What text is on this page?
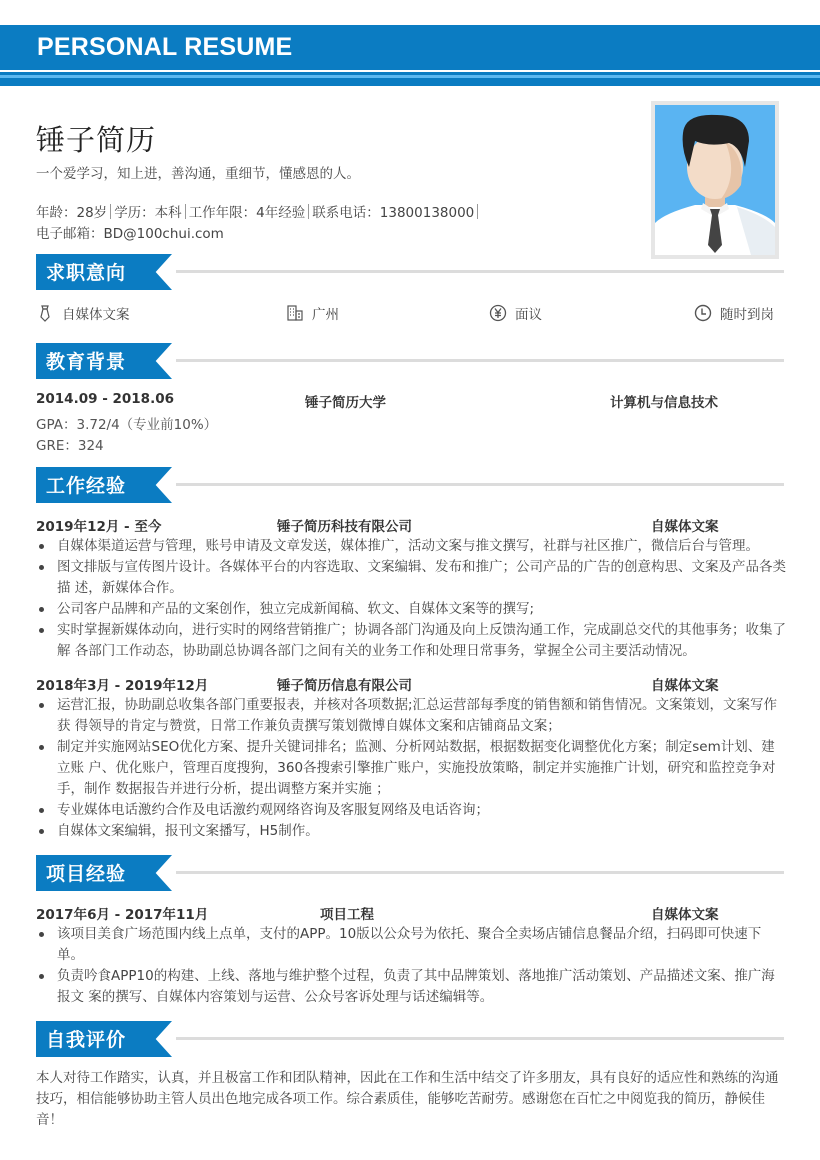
PERSONAL RESUME
锤子简历
一个爱学习，知上进，善沟通，重细节，懂感恩的人。
年龄：28岁 学历：本科 工作年限：4年经验 联系电话：13800138000
电子邮箱：BD@100chui.com
求职意向
自媒体文案	广州	面议	随时到岗
教育背景
2014.09 - 2018.06	锤子简历大学	计算机与信息技术
GPA：3.72/4（专业前10%）
GRE：324
工作经验
2019年12月 - 至今	锤子简历科技有限公司	自媒体文案
自媒体渠道运营与管理，账号申请及文章发送，媒体推广，活动文案与推文撰写，社群与社区推广，微信后台与管理。
图文排版与宣传图片设计。各媒体平台的内容选取、文案编辑、发布和推广；公司产品的广告的创意构思、文案及产品各类描 述，新媒体合作。
公司客户品牌和产品的文案创作，独立完成新闻稿、软文、自媒体文案等的撰写;
实时掌握新媒体动向，进行实时的网络营销推广；协调各部门沟通及向上反馈沟通工作，完成副总交代的其他事务；收集了解 各部门工作动态，协助副总协调各部门之间有关的业务工作和处理日常事务，掌握全公司主要活动情况。
2018年3月 - 2019年12月	锤子简历信息有限公司	自媒体文案
运营汇报，协助副总收集各部门重要报表，并核对各项数据;汇总运营部每季度的销售额和销售情况。文案策划，文案写作获 得领导的肯定与赞赏，日常工作兼负责撰写策划微博自媒体文案和店铺商品文案；
制定并实施网站SEO优化方案、提升关键词排名；监测、分析网站数据，根据数据变化调整优化方案；制定sem计划、建立账 户、优化账户，管理百度搜狗，360各搜索引擎推广账户，实施投放策略，制定并实施推广计划，研究和监控竞争对手，制作 数据报告并进行分析，提出调整方案并实施 ；
专业媒体电话激约合作及电话激约观网络咨询及客服复网络及电话咨询；
自媒体文案编辑，报刊文案播写，H5制作。
项目经验
2017年6月 - 2017年11月	项目工程	自媒体文案
该项目美食广场范围内线上点单，支付的APP。10版以公众号为依托、聚合全卖场店铺信息餐品介绍，扫码即可快速下单。
负责吟食APP10的构建、上线、落地与维护整个过程，负责了其中品牌策划、落地推广活动策划、产品描述文案、推广海报文 案的撰写、自媒体内容策划与运营、公众号客诉处理与话述编辑等。
自我评价
本人对待工作踏实，认真，并且极富工作和团队精神，因此在工作和生活中结交了许多朋友，具有良好的适应性和熟练的沟通技巧，相信能够协助主管人员出色地完成各项工作。综合素质佳，能够吃苦耐劳。感谢您在百忙之中阅览我的简历，静候佳音！
